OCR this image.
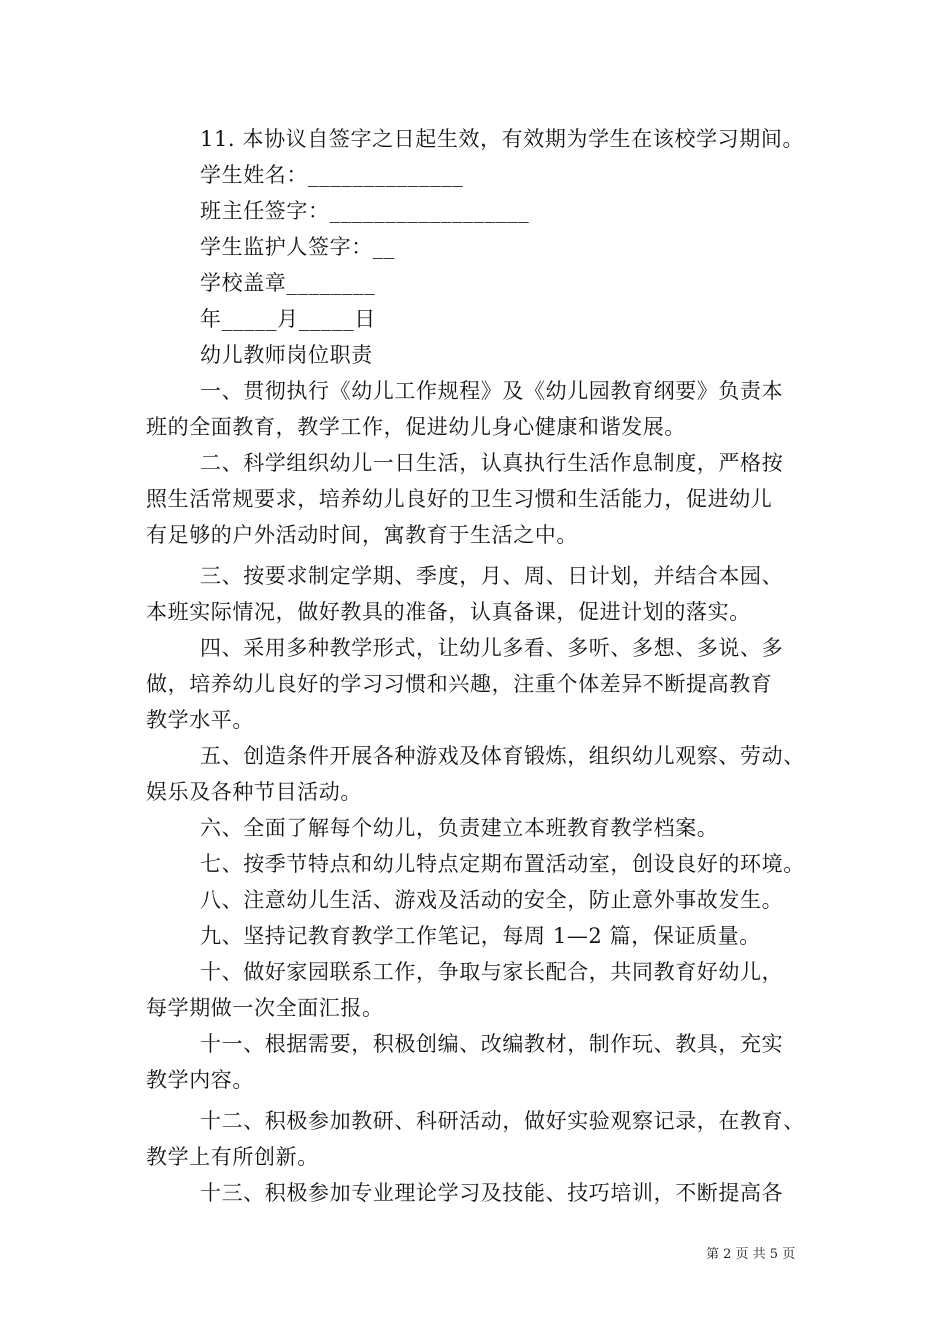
11. 本协议自签字之日起生效，有效期为学生在该校学习期间。
学生姓名：______________
班主任签字：__________________
学生监护人签字：__
学校盖章________
年_____月_____日
幼儿教师岗位职责
一、贯彻执行《幼儿工作规程》及《幼儿园教育纲要》负责本
班的全面教育，教学工作，促进幼儿身心健康和谐发展。
二、科学组织幼儿一日生活，认真执行生活作息制度，严格按
照生活常规要求，培养幼儿良好的卫生习惯和生活能力，促进幼儿
有足够的户外活动时间，寓教育于生活之中。
三、按要求制定学期、季度，月、周、日计划，并结合本园、
本班实际情况，做好教具的准备，认真备课，促进计划的落实。
四、采用多种教学形式，让幼儿多看、多听、多想、多说、多
做，培养幼儿良好的学习习惯和兴趣，注重个体差异不断提高教育
教学水平。
五、创造条件开展各种游戏及体育锻炼，组织幼儿观察、劳动、
娱乐及各种节目活动。
六、全面了解每个幼儿，负责建立本班教育教学档案。
七、按季节特点和幼儿特点定期布置活动室，创设良好的环境。
八、注意幼儿生活、游戏及活动的安全，防止意外事故发生。
九、坚持记教育教学工作笔记，每周 1—2 篇，保证质量。
十、做好家园联系工作，争取与家长配合，共同教育好幼儿，
每学期做一次全面汇报。
十一、根据需要，积极创编、改编教材，制作玩、教具，充实
教学内容。
十二、积极参加教研、科研活动，做好实验观察记录，在教育、
教学上有所创新。
十三、积极参加专业理论学习及技能、技巧培训，不断提高各
第 2 页 共 5 页
